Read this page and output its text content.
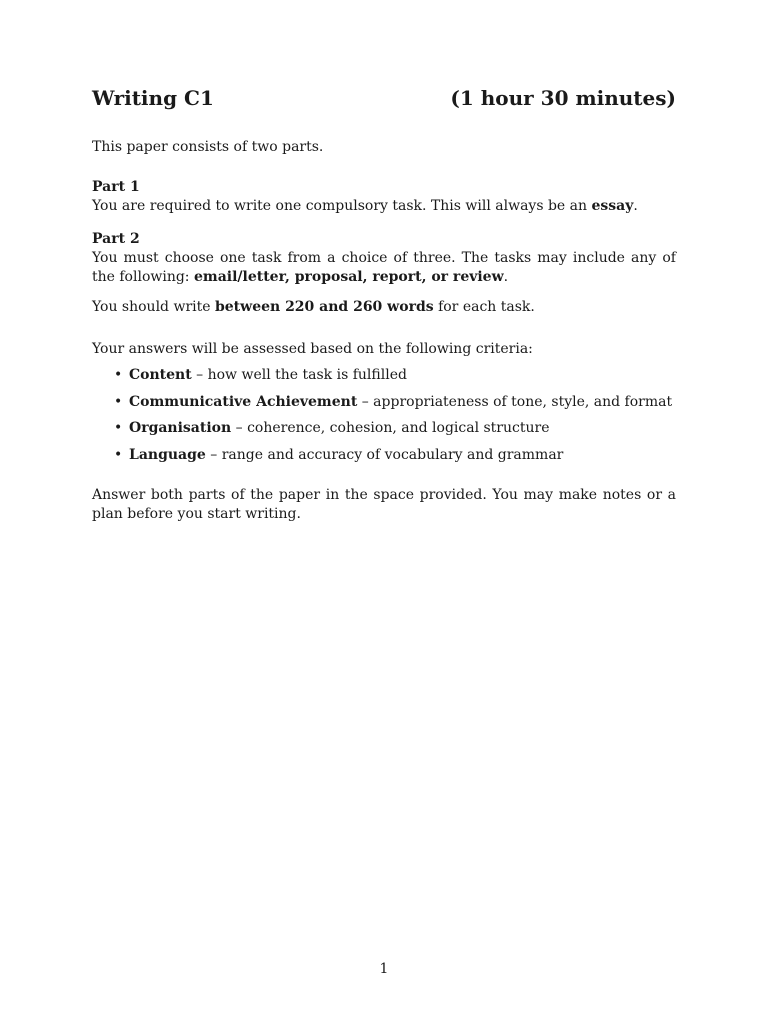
Writing C1	(1 hour 30 minutes)
This paper consists of two parts.
Part 1
You are required to write one compulsory task. This will always be an essay.
Part 2
You must choose one task from a choice of three. The tasks may include any of the following: email/letter, proposal, report, or review.
You should write between 220 and 260 words for each task.
Your answers will be assessed based on the following criteria:
• Content – how well the task is fulfilled
• Communicative Achievement – appropriateness of tone, style, and format
• Organisation – coherence, cohesion, and logical structure
• Language – range and accuracy of vocabulary and grammar
Answer both parts of the paper in the space provided. You may make notes or a plan before you start writing.
1
